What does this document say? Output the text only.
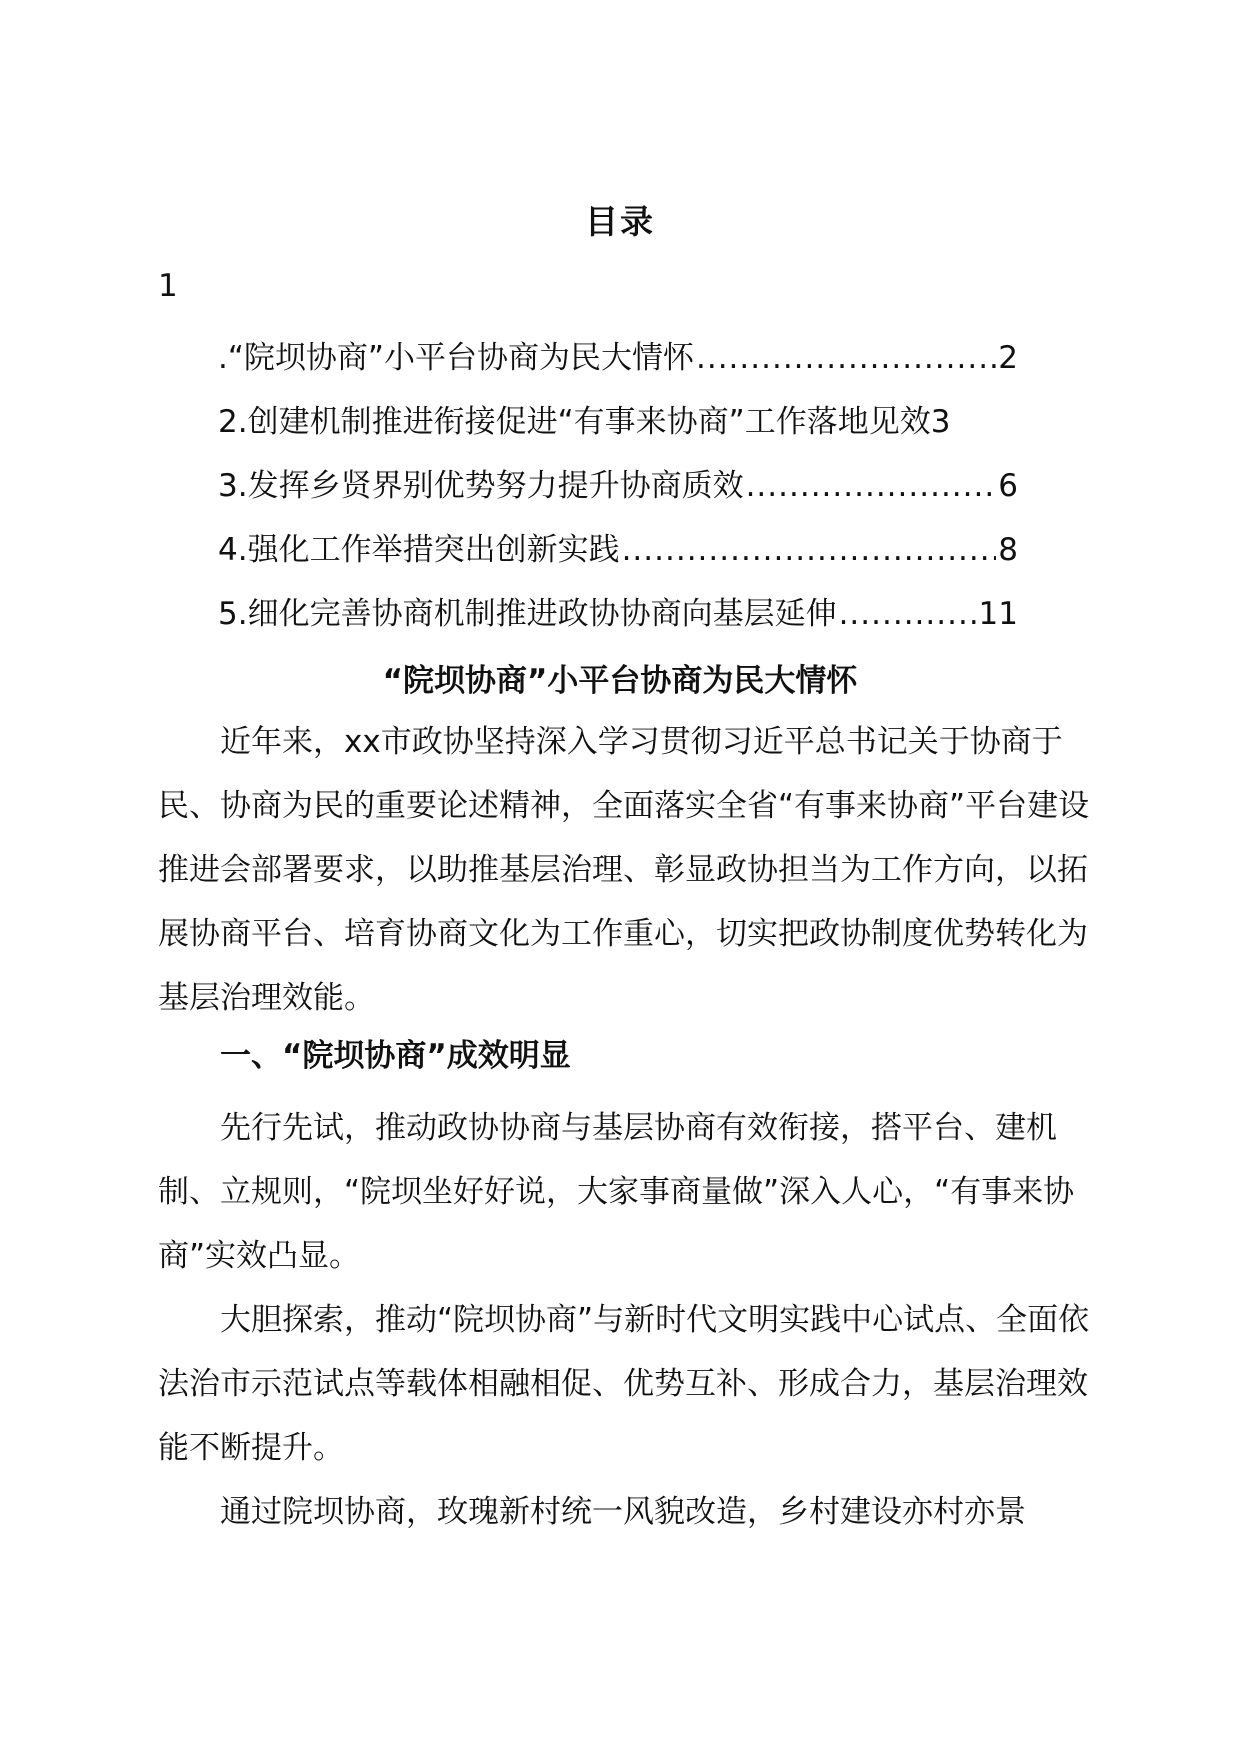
目录
1
.“院坝协商”小平台协商为民大情怀 .....	2
2.创建机制推进衔接促进“有事来协商”工作落地见效 3
3.发挥乡贤界别优势努力提升协商质效 .....	6
4.强化工作举措突出创新实践 .....	8
5.细化完善协商机制推进政协协商向基层延伸 .....	11
“院坝协商”小平台协商为民大情怀

近年来，xx市政协坚持深入学习贯彻习近平总书记关于协商于民、协商为民的重要论述精神，全面落实全省“有事来协商”平台建设推进会部署要求，以助推基层治理、彰显政协担当为工作方向，以拓展协商平台、培育协商文化为工作重心，切实把政协制度优势转化为基层治理效能。

一、“院坝协商”成效明显

先行先试，推动政协协商与基层协商有效衔接，搭平台、建机制、立规则，“院坝坐好好说，大家事商量做”深入人心，“有事来协商”实效凸显。

大胆探索，推动“院坝协商”与新时代文明实践中心试点、全面依法治市示范试点等载体相融相促、优势互补、形成合力，基层治理效能不断提升。

通过院坝协商，玫瑰新村统一风貌改造，乡村建设亦村亦景
